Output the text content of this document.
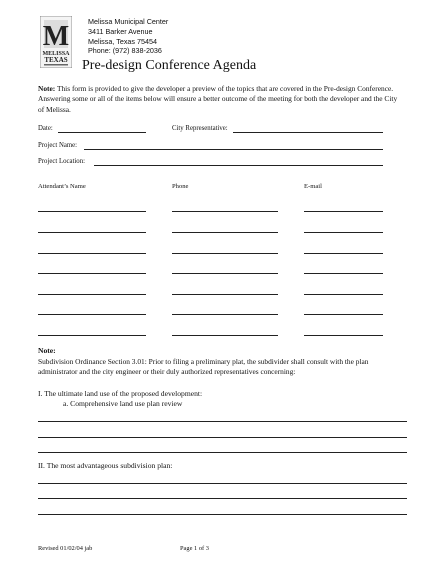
M
MELISSA
TEXAS
Melissa Municipal Center
3411 Barker Avenue
Melissa, Texas 75454
Phone: (972) 838-2036
Pre-design Conference Agenda
Note: This form is provided to give the developer a preview of the topics that are covered in the Pre-design Conference. Answering some or all of the items below will ensure a better outcome of the meeting for both the developer and the City of Melissa.
Date:	City Representative:
Project Name:
Project Location:
Attendant’s Name	Phone	E-mail
Note:
Subdivision Ordinance Section 3.01: Prior to filing a preliminary plat, the subdivider shall consult with the plan administrator and the city engineer or their duly authorized representatives concerning:
I. The ultimate land use of the proposed development:
a. Comprehensive land use plan review
II. The most advantageous subdivision plan:
Revised 01/02/04 jab	Page 1 of 3
